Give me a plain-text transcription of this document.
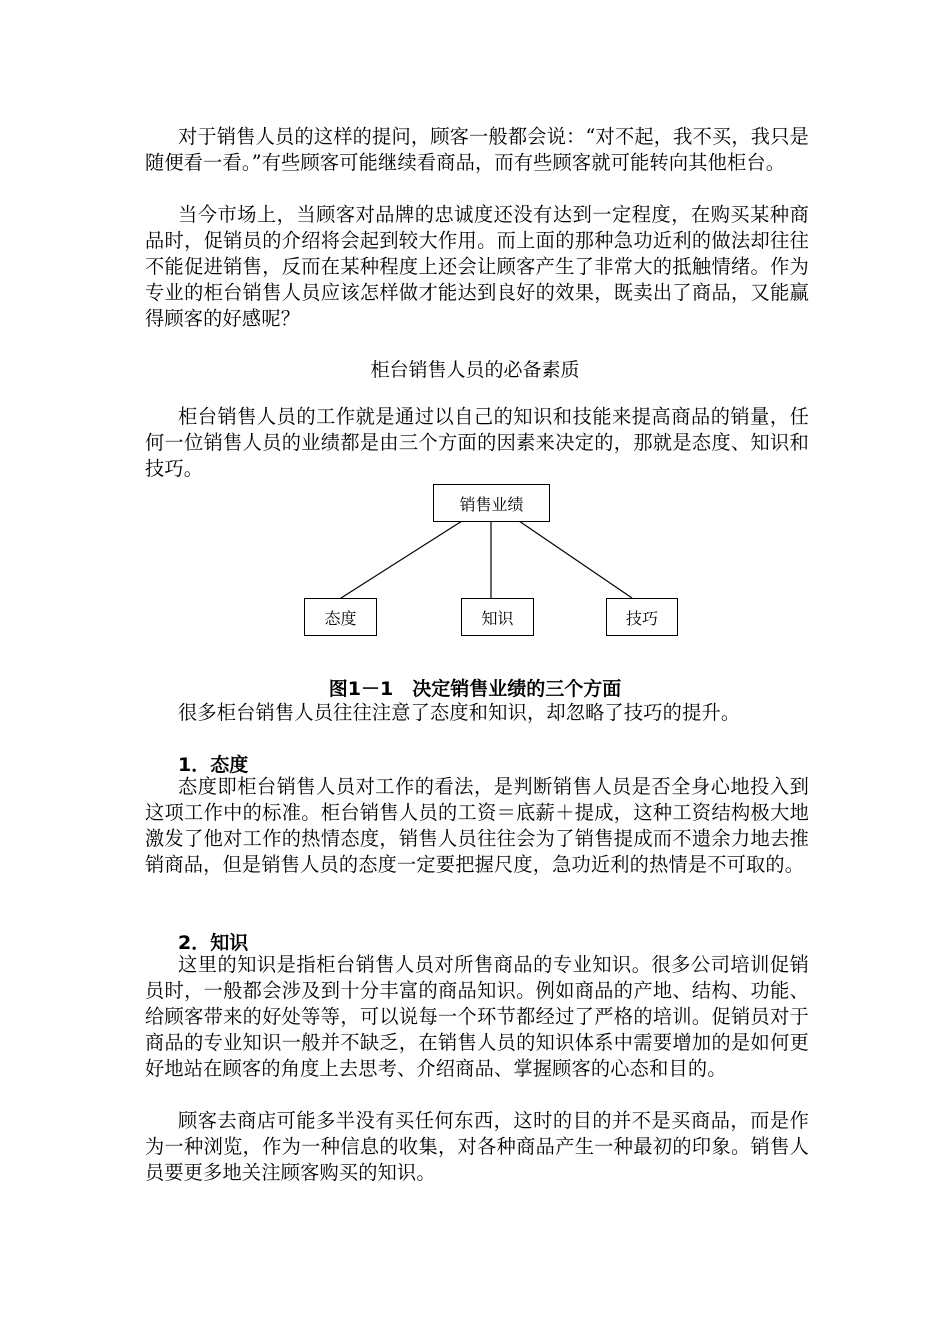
对于销售人员的这样的提问，顾客一般都会说：“对不起，我不买，我只是随便看一看。”有些顾客可能继续看商品，而有些顾客就可能转向其他柜台。

当今市场上，当顾客对品牌的忠诚度还没有达到一定程度，在购买某种商品时，促销员的介绍将会起到较大作用。而上面的那种急功近利的做法却往往不能促进销售，反而在某种程度上还会让顾客产生了非常大的抵触情绪。作为专业的柜台销售人员应该怎样做才能达到良好的效果，既卖出了商品，又能赢得顾客的好感呢？

柜台销售人员的必备素质

柜台销售人员的工作就是通过以自己的知识和技能来提高商品的销量，任何一位销售人员的业绩都是由三个方面的因素来决定的，那就是态度、知识和技巧。

销售业绩
态度	知识	技巧

图1－1　决定销售业绩的三个方面

很多柜台销售人员往往注意了态度和知识，却忽略了技巧的提升。

1．态度

态度即柜台销售人员对工作的看法，是判断销售人员是否全身心地投入到这项工作中的标准。柜台销售人员的工资＝底薪＋提成，这种工资结构极大地激发了他对工作的热情态度，销售人员往往会为了销售提成而不遗余力地去推销商品，但是销售人员的态度一定要把握尺度，急功近利的热情是不可取的。

2．知识

这里的知识是指柜台销售人员对所售商品的专业知识。很多公司培训促销员时，一般都会涉及到十分丰富的商品知识。例如商品的产地、结构、功能、给顾客带来的好处等等，可以说每一个环节都经过了严格的培训。促销员对于商品的专业知识一般并不缺乏，在销售人员的知识体系中需要增加的是如何更好地站在顾客的角度上去思考、介绍商品、掌握顾客的心态和目的。

顾客去商店可能多半没有买任何东西，这时的目的并不是买商品，而是作为一种浏览，作为一种信息的收集，对各种商品产生一种最初的印象。销售人员要更多地关注顾客购买的知识。
